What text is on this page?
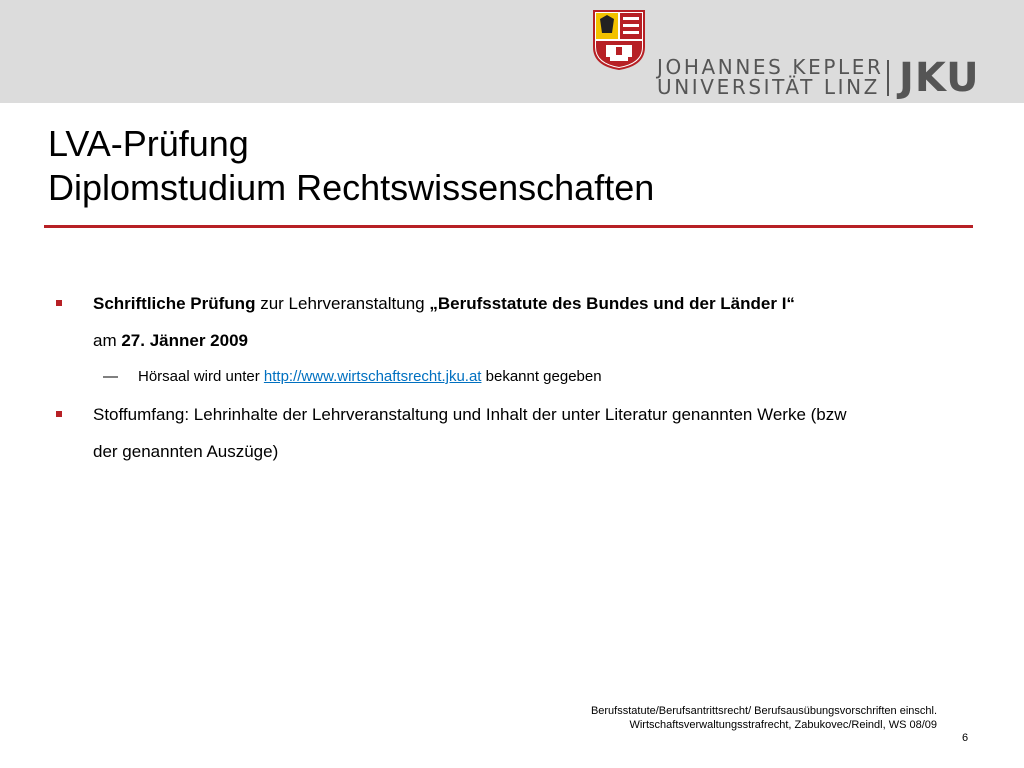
JOHANNES KEPLER
UNIVERSITÄT LINZ JKU
LVA-Prüfung
Diplomstudium Rechtswissenschaften
Schriftliche Prüfung zur Lehrveranstaltung „Berufsstatute des Bundes und der Länder I“
am 27. Jänner 2009
— Hörsaal wird unter http://www.wirtschaftsrecht.jku.at bekannt gegeben
Stoffumfang: Lehrinhalte der Lehrveranstaltung und Inhalt der unter Literatur genannten Werke (bzw
der genannten Auszüge)
Berufsstatute/Berufsantrittsrecht/ Berufsausübungsvorschriften einschl.
Wirtschaftsverwaltungsstrafrecht, Zabukovec/Reindl, WS 08/09
6
